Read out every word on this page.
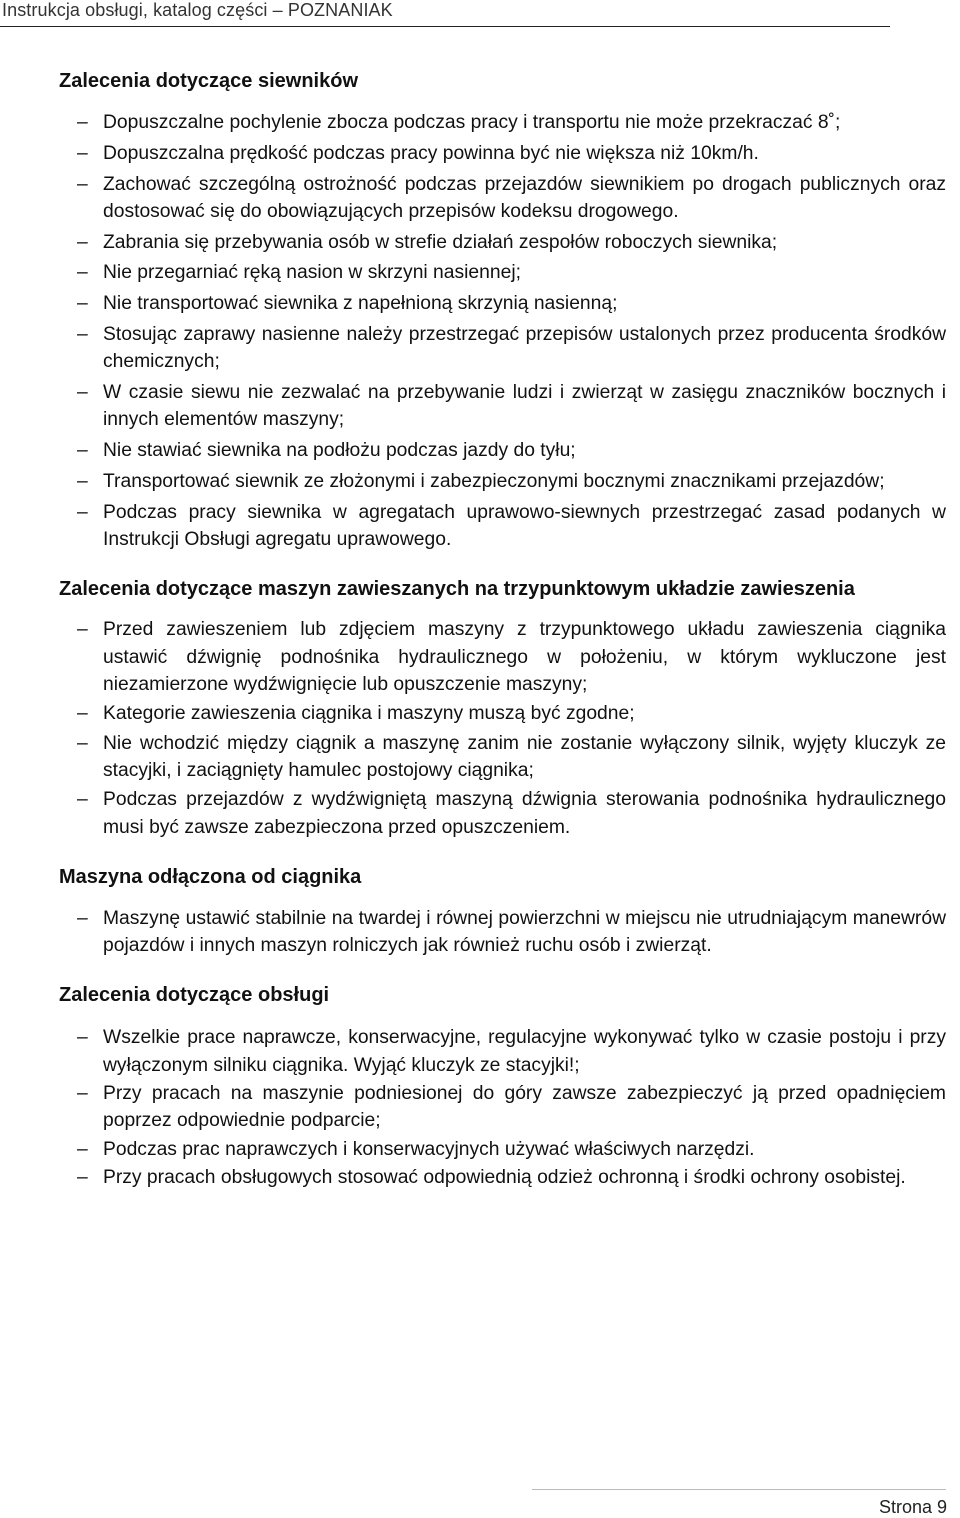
Instrukcja obsługi, katalog części – POZNANIAK
Zalecenia dotyczące siewników
– Dopuszczalne pochylenie zbocza podczas pracy i transportu nie może przekraczać 8˚;
– Dopuszczalna prędkość podczas pracy powinna być nie większa niż 10km/h.
– Zachować szczególną ostrożność podczas przejazdów siewnikiem po drogach publicznych oraz dostosować się do obowiązujących przepisów kodeksu drogowego.
– Zabrania się przebywania osób w strefie działań zespołów roboczych siewnika;
– Nie przegarniać ręką nasion w skrzyni nasiennej;
– Nie transportować siewnika z napełnioną skrzynią nasienną;
– Stosując zaprawy nasienne należy przestrzegać przepisów ustalonych przez producenta środków chemicznych;
– W czasie siewu nie zezwalać na przebywanie ludzi i zwierząt w zasięgu znaczników bocznych i innych elementów maszyny;
– Nie stawiać siewnika na podłożu podczas jazdy do tyłu;
– Transportować siewnik ze złożonymi i zabezpieczonymi bocznymi znacznikami przejazdów;
– Podczas pracy siewnika w agregatach uprawowo-siewnych przestrzegać zasad podanych w Instrukcji Obsługi agregatu uprawowego.
Zalecenia dotyczące maszyn zawieszanych na trzypunktowym układzie zawieszenia
– Przed zawieszeniem lub zdjęciem maszyny z trzypunktowego układu zawieszenia ciągnika ustawić dźwignię podnośnika hydraulicznego w położeniu, w którym wykluczone jest niezamierzone wydźwignięcie lub opuszczenie maszyny;
– Kategorie zawieszenia ciągnika i maszyny muszą być zgodne;
– Nie wchodzić między ciągnik a maszynę zanim nie zostanie wyłączony silnik, wyjęty kluczyk ze stacyjki, i zaciągnięty hamulec postojowy ciągnika;
– Podczas przejazdów z wydźwigniętą maszyną dźwignia sterowania podnośnika hydraulicznego musi być zawsze zabezpieczona przed opuszczeniem.
Maszyna odłączona od ciągnika
– Maszynę ustawić stabilnie na twardej i równej powierzchni w miejscu nie utrudniającym manewrów pojazdów i innych maszyn rolniczych jak również ruchu osób i zwierząt.
Zalecenia dotyczące obsługi
– Wszelkie prace naprawcze, konserwacyjne, regulacyjne wykonywać tylko w czasie postoju i przy wyłączonym silniku ciągnika. Wyjąć kluczyk ze stacyjki!;
– Przy pracach na maszynie podniesionej do góry zawsze zabezpieczyć ją przed opadnięciem poprzez odpowiednie podparcie;
– Podczas prac naprawczych i konserwacyjnych używać właściwych narzędzi.
– Przy pracach obsługowych stosować odpowiednią odzież ochronną i środki ochrony osobistej.
Strona 9
